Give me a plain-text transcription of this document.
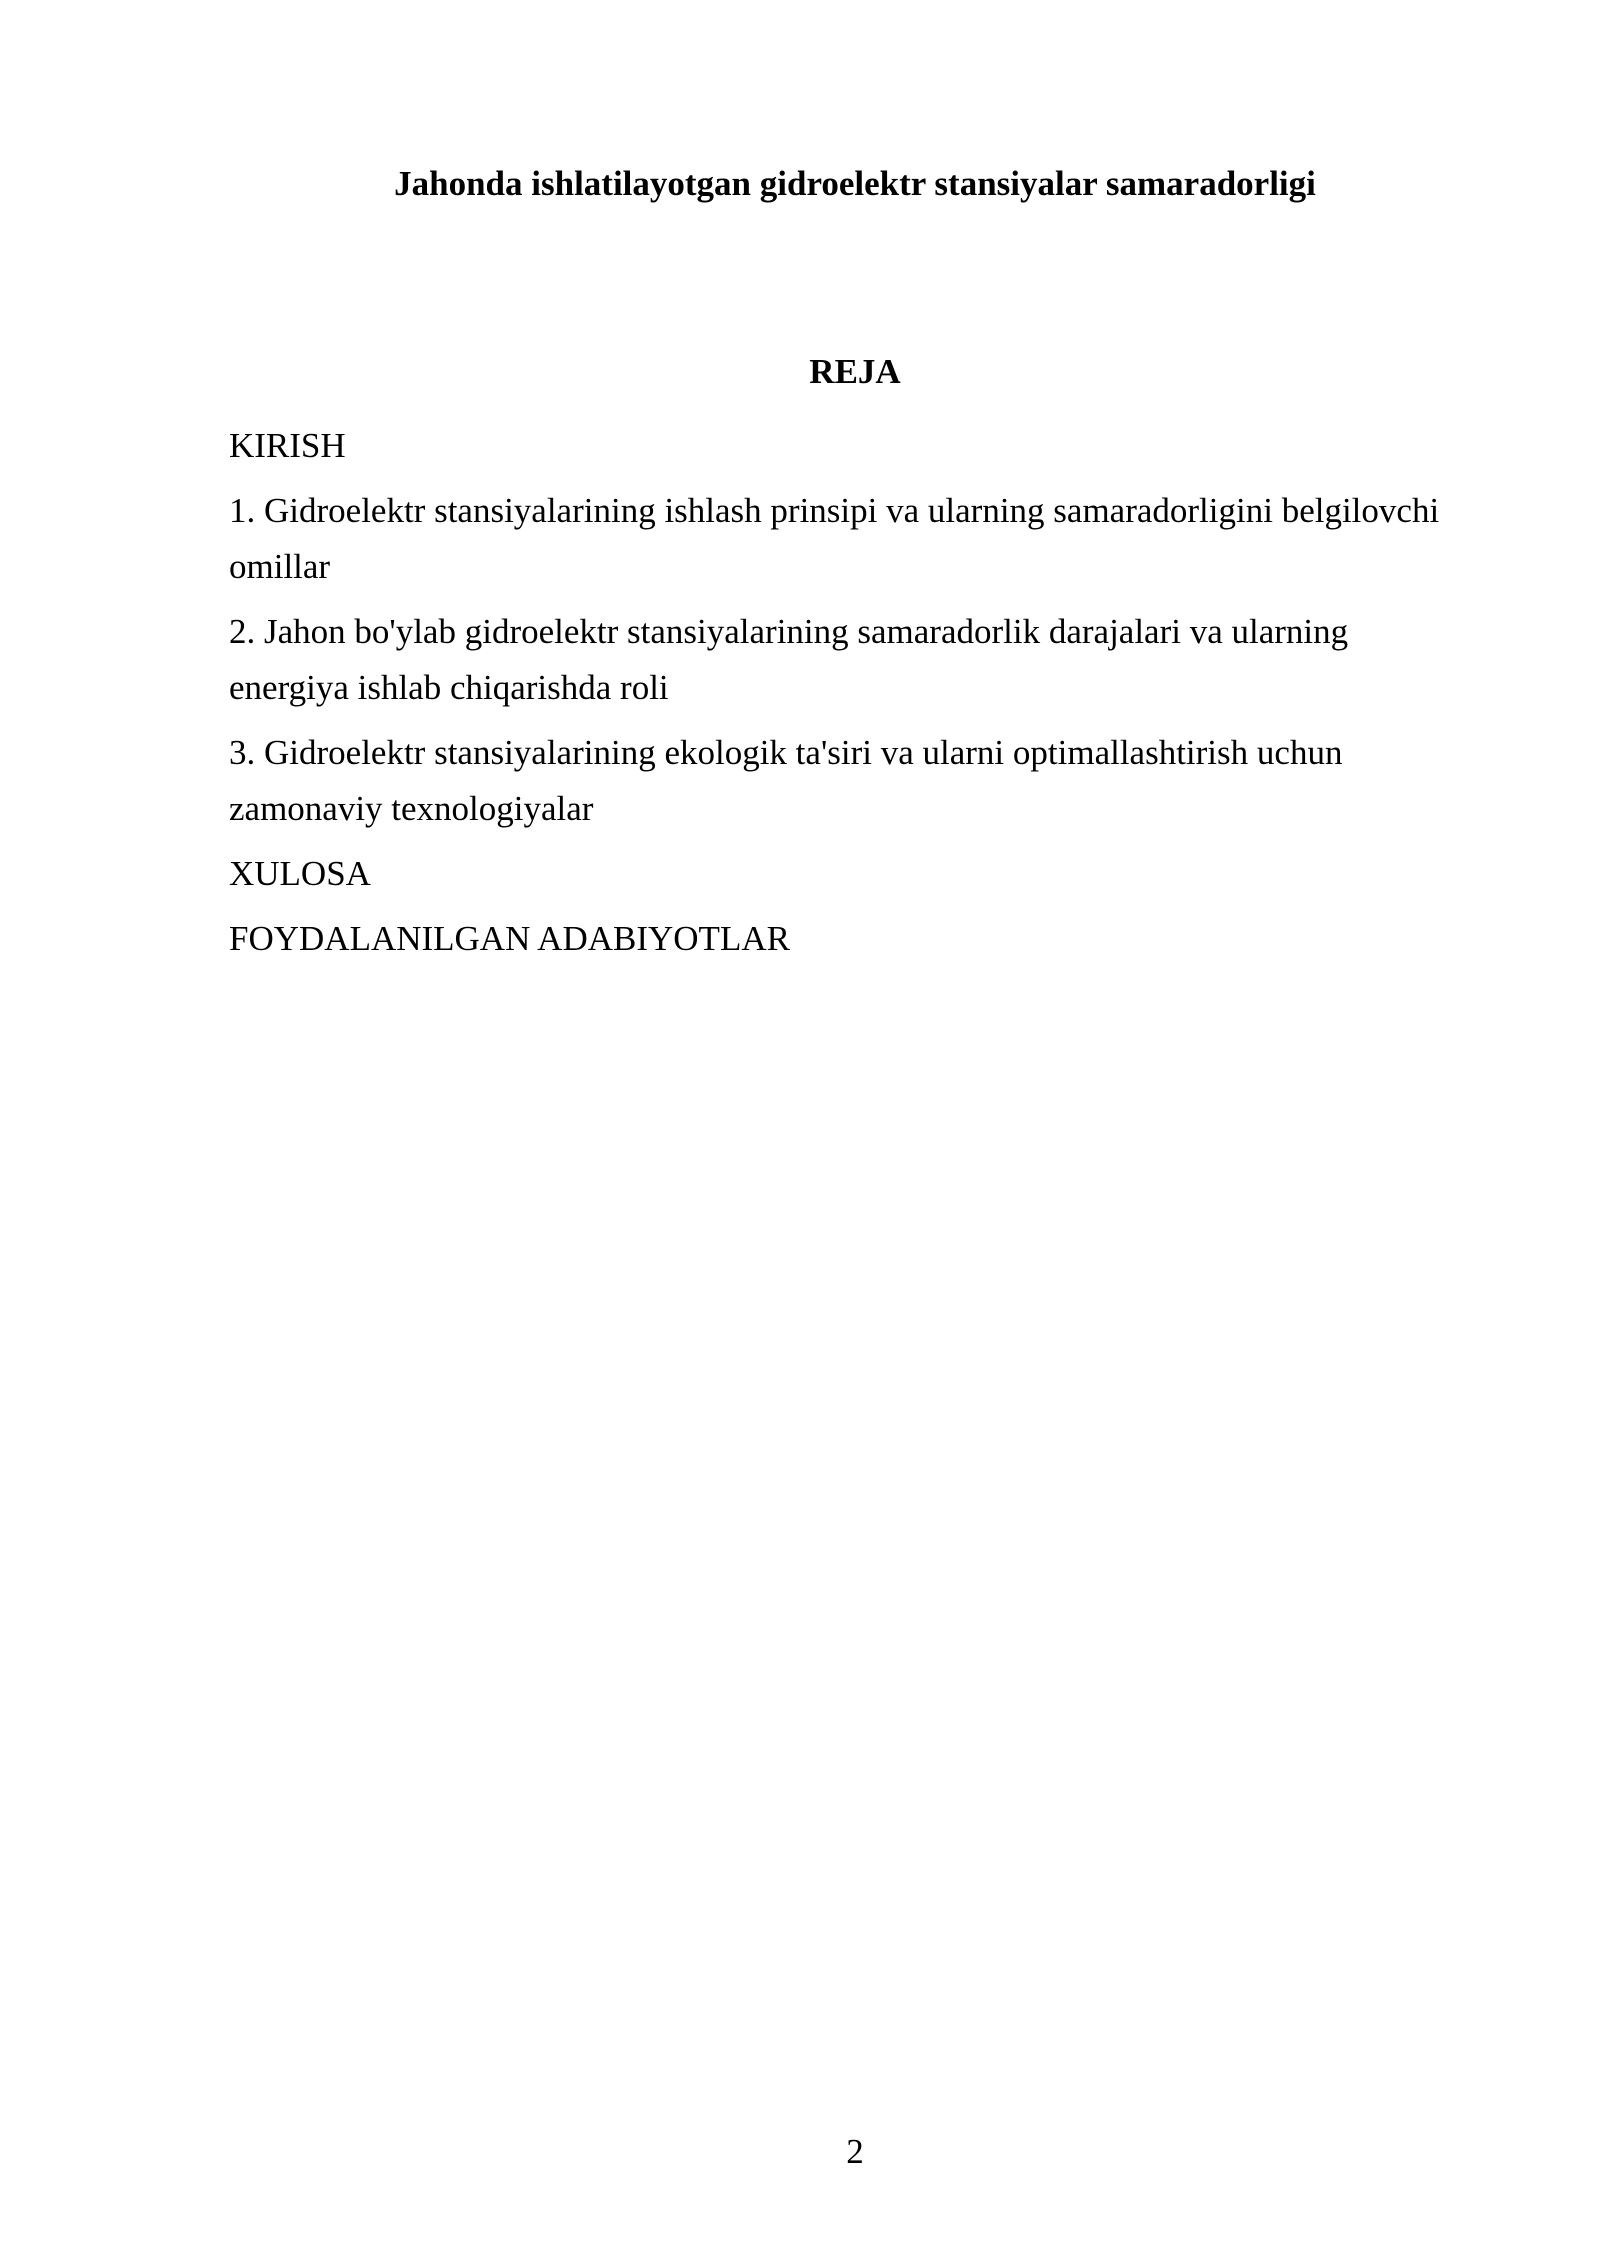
Jahonda ishlatilayotgan gidroelektr stansiyalar samaradorligi
REJA
KIRISH
1. Gidroelektr stansiyalarining ishlash prinsipi va ularning samaradorligini belgilovchi omillar
2. Jahon bo'ylab gidroelektr stansiyalarining samaradorlik darajalari va ularning energiya ishlab chiqarishda roli
3. Gidroelektr stansiyalarining ekologik ta'siri va ularni optimallashtirish uchun zamonaviy texnologiyalar
XULOSA
FOYDALANILGAN ADABIYOTLAR
2
